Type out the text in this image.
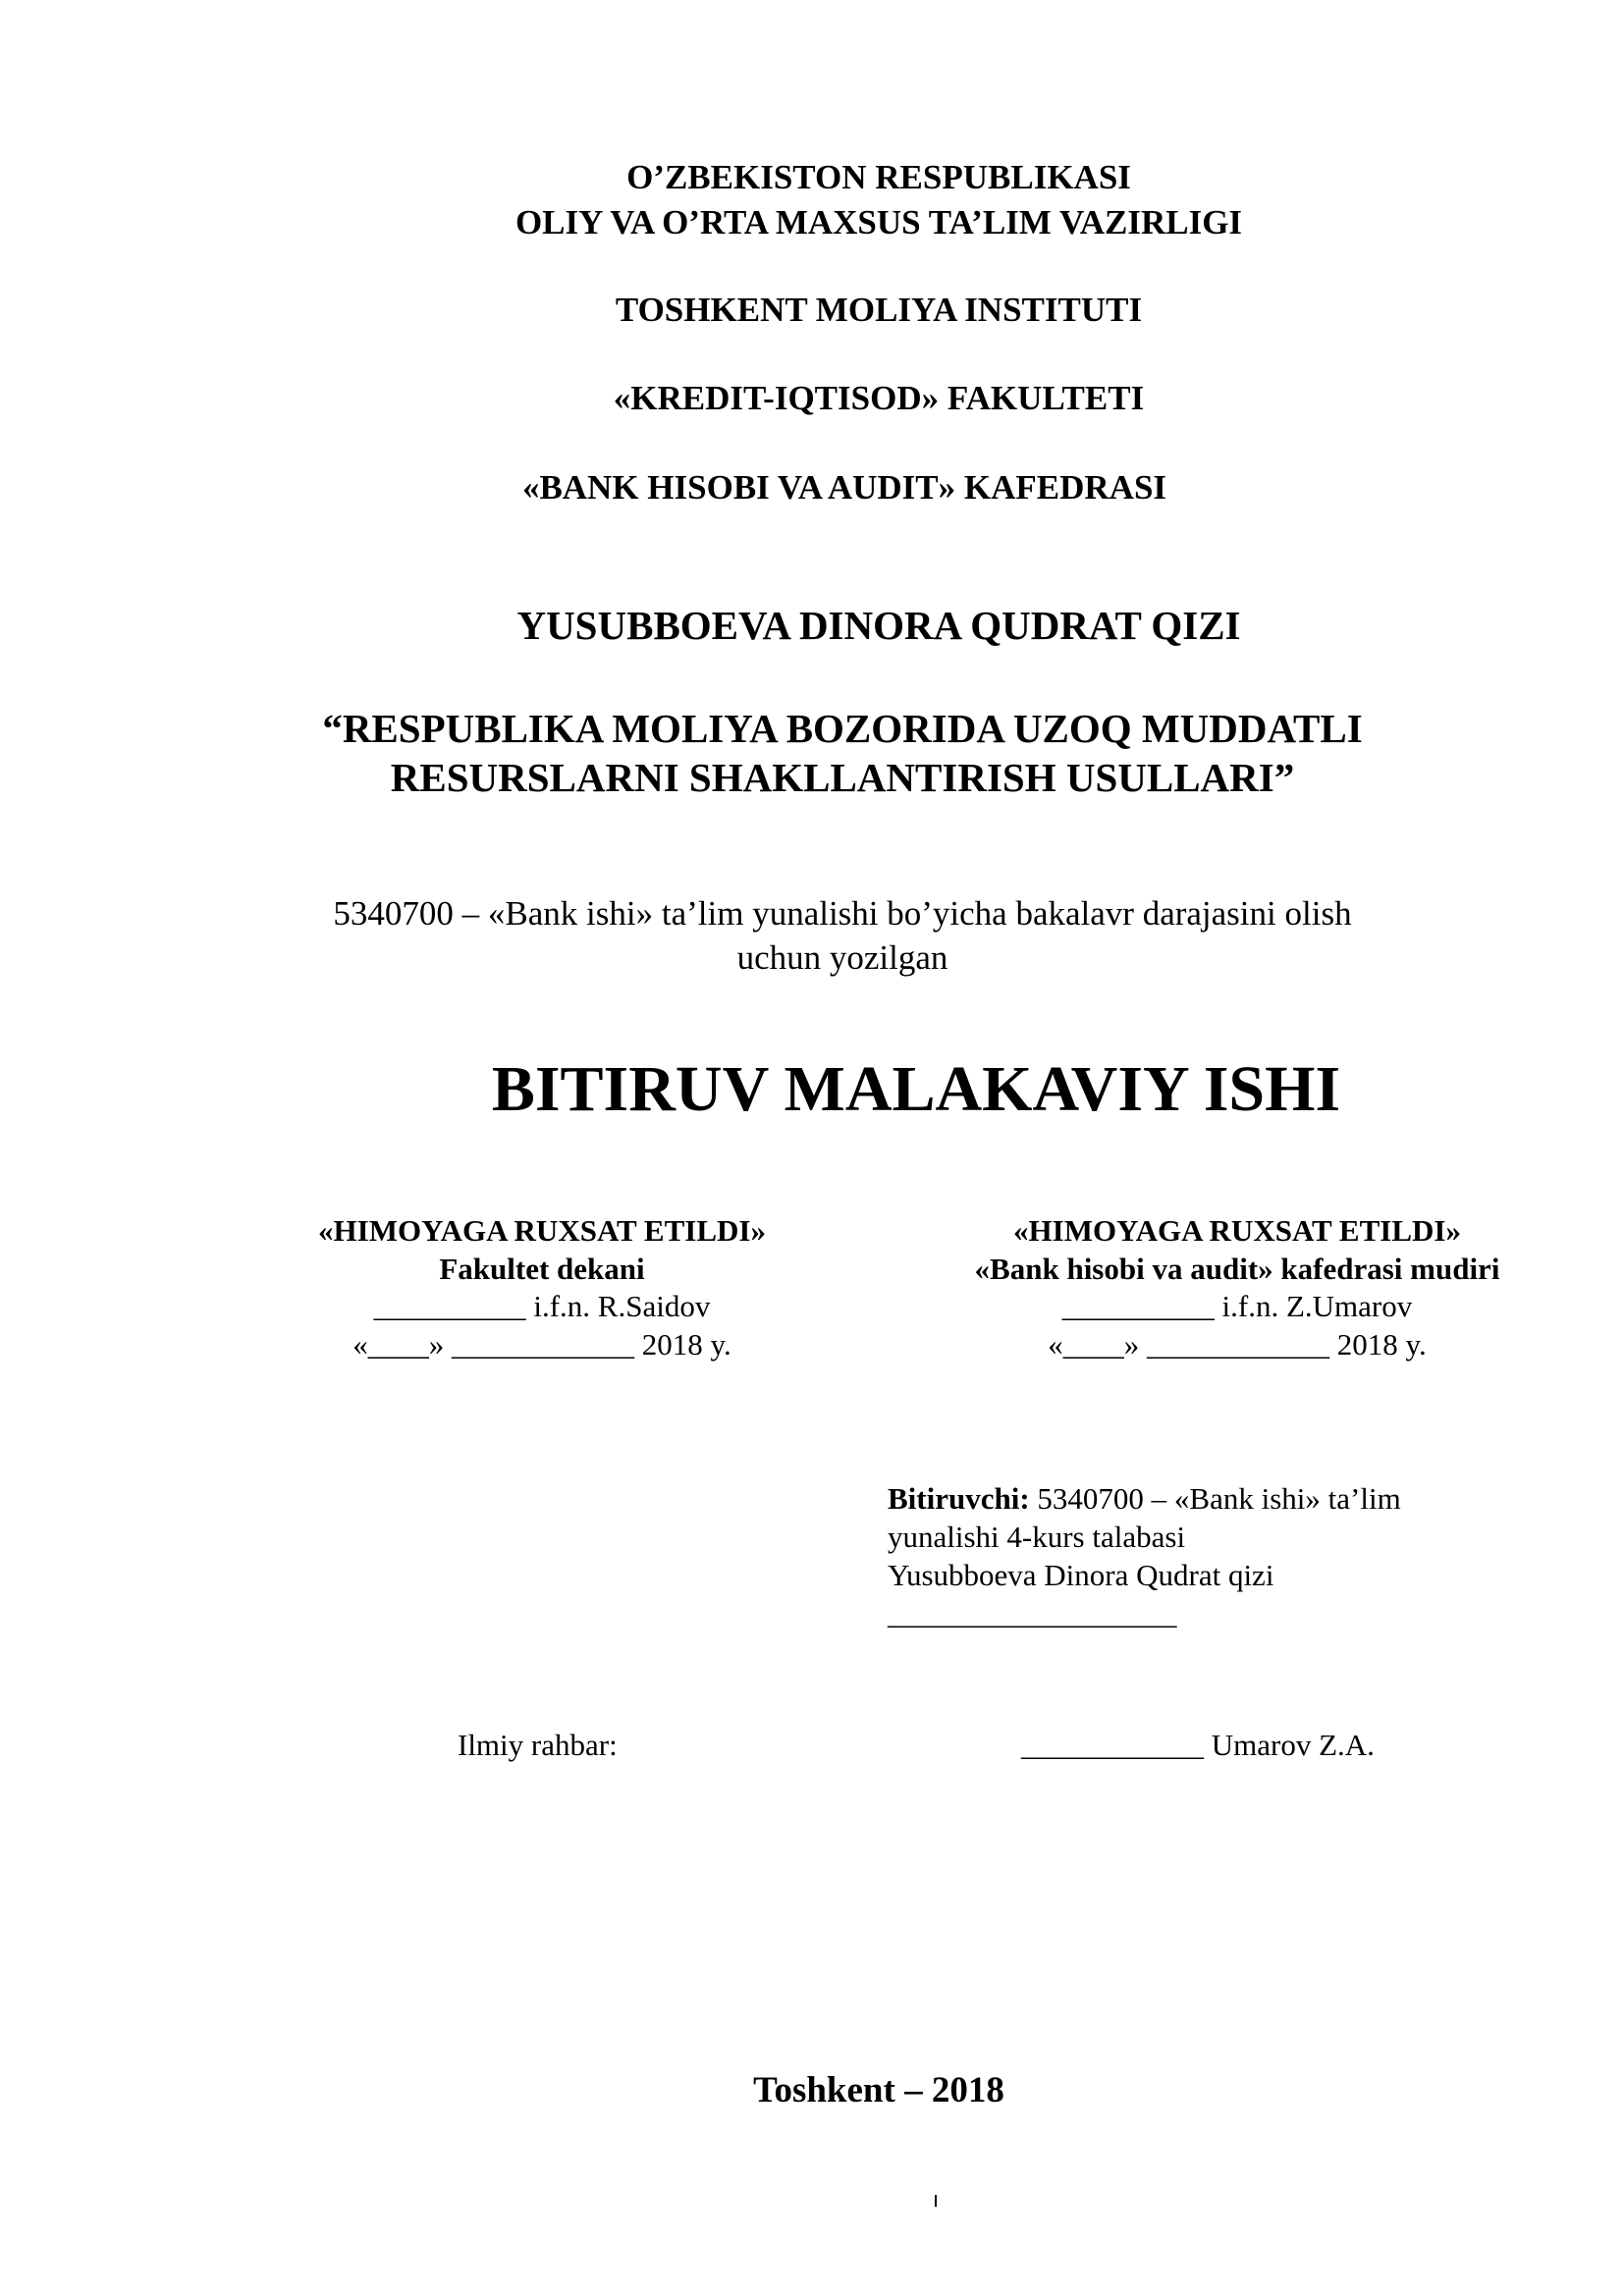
O’ZBEKISTON RESPUBLIKASI
OLIY VA O’RTA MAXSUS TA’LIM VAZIRLIGI
TOSHKENT MOLIYA INSTITUTI
«KREDIT-IQTISOD» FAKULTETI
«BANK HISOBI VA AUDIT» KAFEDRASI
YUSUBBOEVA DINORA QUDRAT QIZI
“RESPUBLIKA MOLIYA BOZORIDA UZOQ MUDDATLI
RESURSLARNI SHAKLLANTIRISH USULLARI”
5340700 – «Bank ishi» ta’lim yunalishi bo’yicha bakalavr darajasini olish
uchun yozilgan
BITIRUV MALAKAVIY ISHI
«HIMOYAGA RUXSAT ETILDI»
Fakultet dekani
__________ i.f.n. R.Saidov
«____» ____________ 2018 y.
«HIMOYAGA RUXSAT ETILDI»
«Bank hisobi va audit» kafedrasi mudiri
__________ i.f.n. Z.Umarov
«____» ____________ 2018 y.
Bitiruvchi: 5340700 – «Bank ishi» ta’lim
yunalishi 4-kurs talabasi
Yusubboeva Dinora Qudrat qizi
___________________
Ilmiy rahbar:	____________ Umarov Z.A.
Toshkent – 2018
